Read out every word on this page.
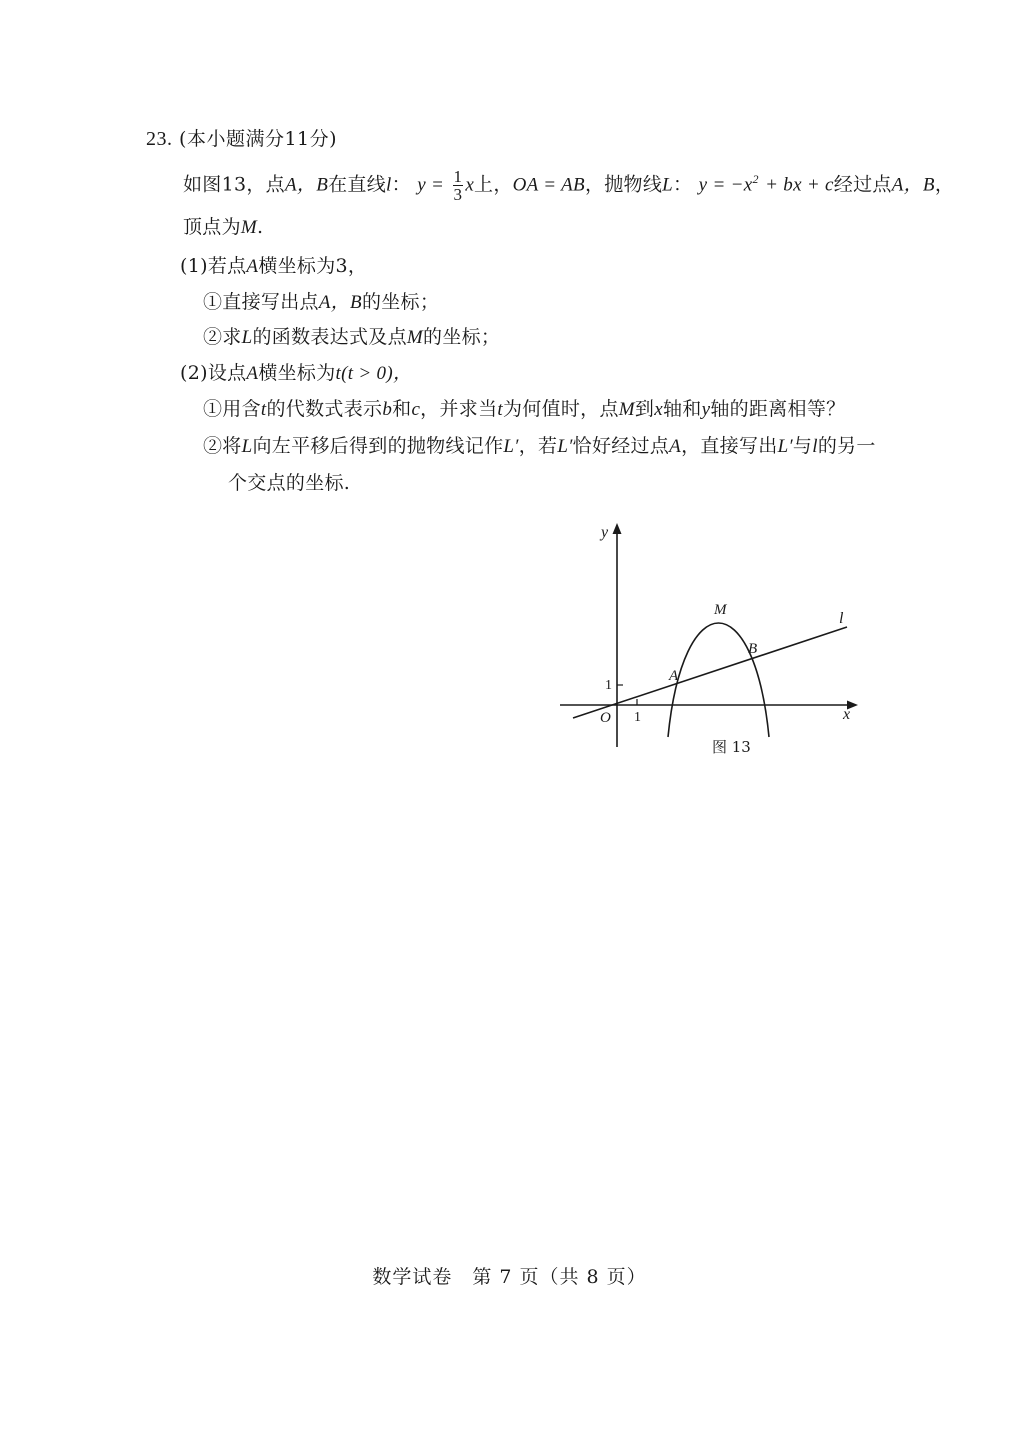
23. (本小题满分11分)
如图13，点A，B在直线l： $y = \frac{1}{3}$ x上，OA = AB，抛物线L： $y = -x^2$ + bx + c经过点A，B，
顶点为M.
(1)若点A横坐标为3，
①直接写出点A，B的坐标；
②求L的函数表达式及点M的坐标；
(2)设点A横坐标为t(t > 0)，
①用含t的代数式表示b和c，并求当t为何值时，点M到x轴和y轴的距离相等？
②将L向左平移后得到的抛物线记作L′，若L′恰好经过点A，直接写出L′与l的另一
个交点的坐标.
y
x
O 1
1
A
B
M	l
图 13
数学试卷　第 7 页（共 8 页）
